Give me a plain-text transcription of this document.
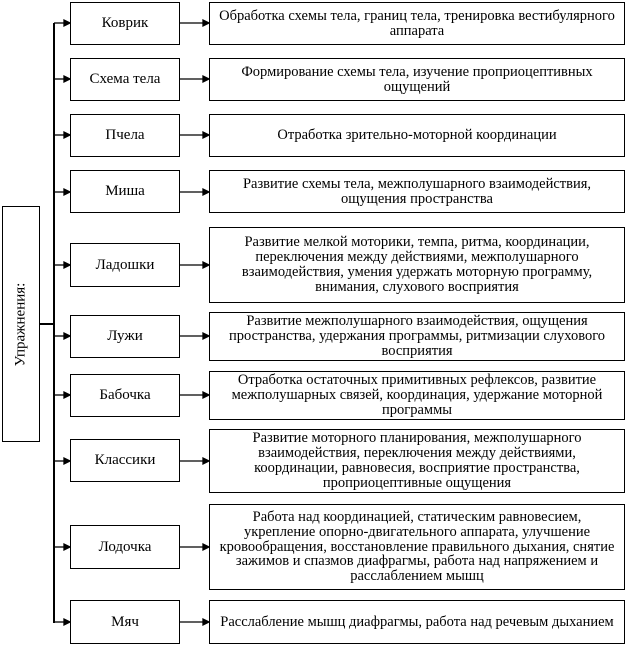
Упражнения:
Коврик
Схема тела
Пчела
Миша
Ладошки
Лужи
Бабочка
Классики
Лодочка
Мяч
Обработка схемы тела, границ тела, тренировка вестибулярного аппарата
Формирование схемы тела, изучение проприоцептивных ощущений
Отработка зрительно-моторной координации
Развитие схемы тела, межполушарного взаимодействия, ощущения пространства
Развитие мелкой моторики, темпа, ритма, координации, переключения между действиями, межполушарного взаимодействия, умения удержать моторную программу, внимания, слухового восприятия
Развитие межполушарного взаимодействия, ощущения пространства, удержания программы, ритмизации слухового восприятия
Отработка остаточных примитивных рефлексов, развитие межполушарных связей, координация, удержание моторной программы
Развитие моторного планирования, межполушарного взаимодействия, переключения между действиями, координации, равновесия, восприятие пространства, проприоцептивные ощущения
Работа над координацией, статическим равновесием, укрепление опорно-двигательного аппарата, улучшение кровообращения, восстановление правильного дыхания, снятие зажимов и спазмов диафрагмы, работа над напряжением и расслаблением мышц
Расслабление мышц диафрагмы, работа над речевым дыханием
